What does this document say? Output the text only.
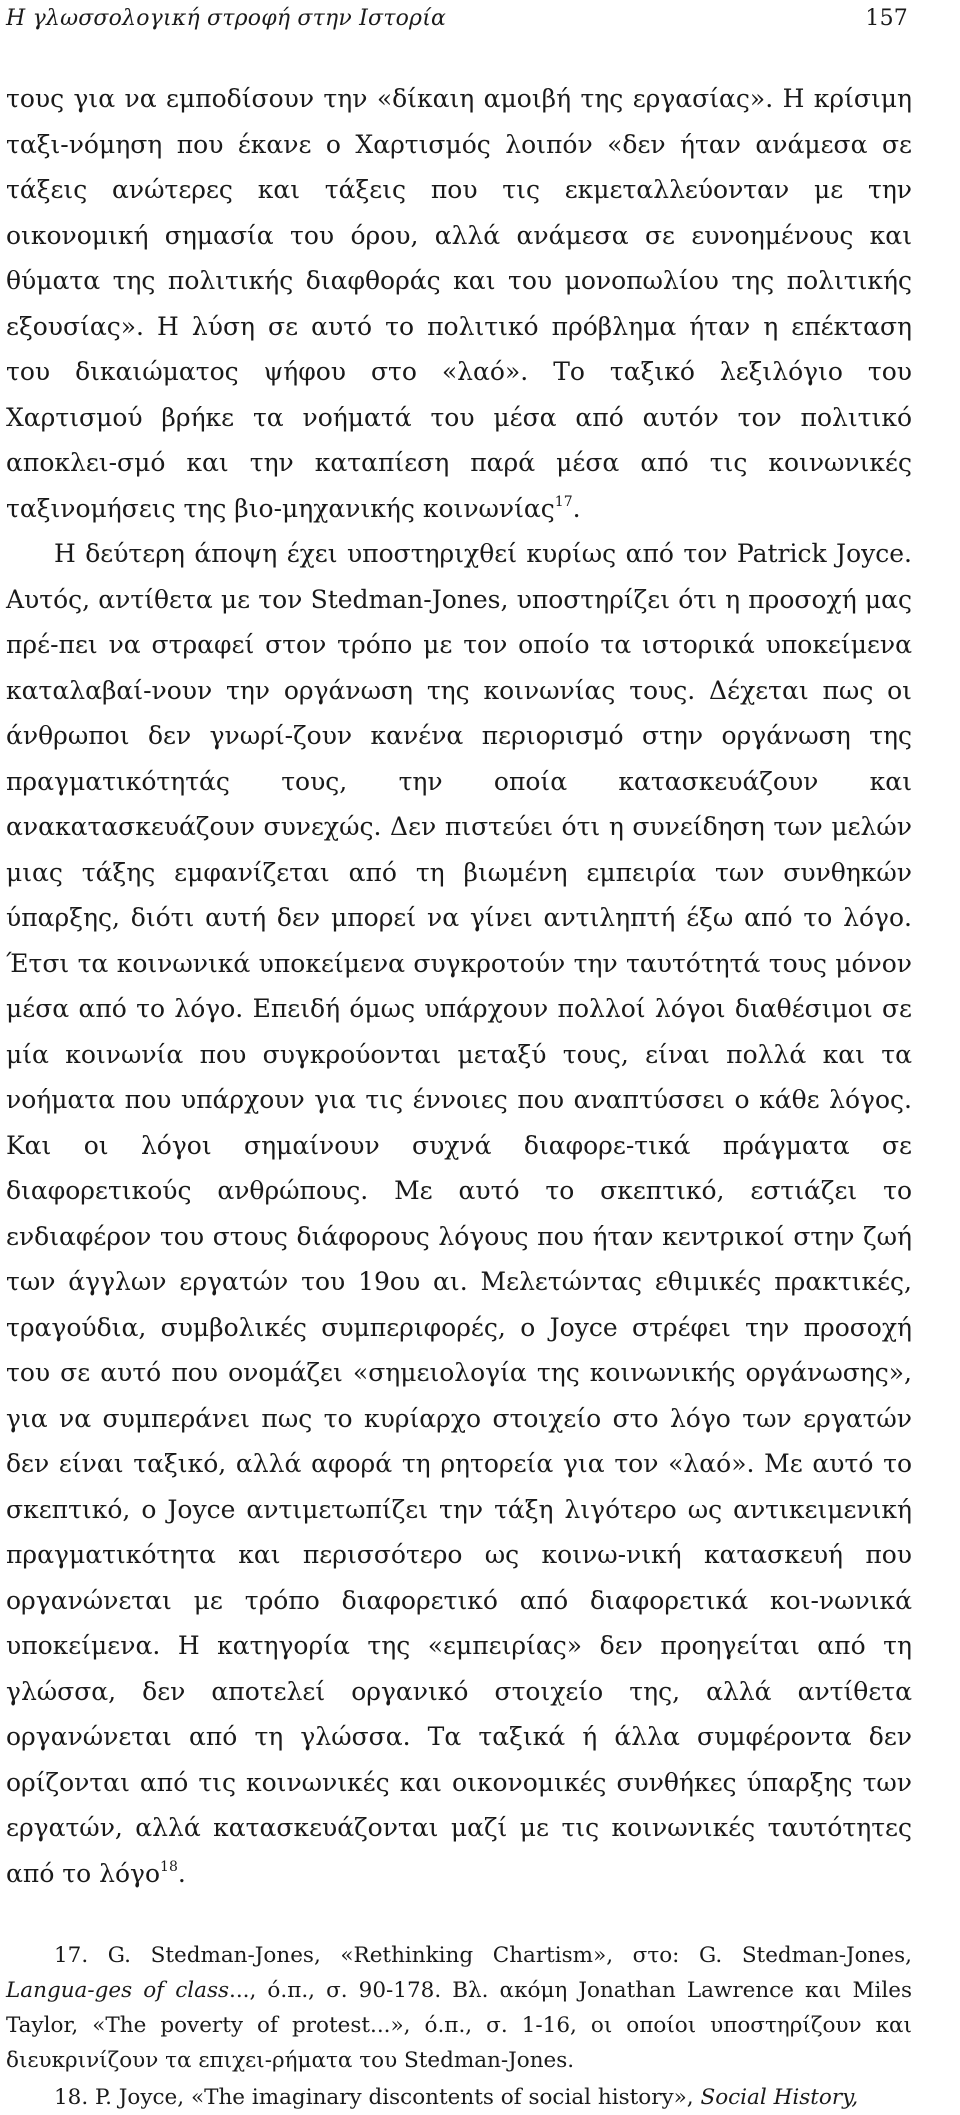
Η γλωσσολογική στροφή στην Ιστορία	157

τους για να εμποδίσουν την «δίκαιη αμοιβή της εργασίας». Η κρίσιμη ταξι-νόμηση που έκανε ο Χαρτισμός λοιπόν «δεν ήταν ανάμεσα σε τάξεις ανώτερες και τάξεις που τις εκμεταλλεύονταν με την οικονομική σημασία του όρου, αλλά ανάμεσα σε ευνοημένους και θύματα της πολιτικής διαφθοράς και του μονοπωλίου της πολιτικής εξουσίας». Η λύση σε αυτό το πολιτικό πρόβλημα ήταν η επέκταση του δικαιώματος ψήφου στο «λαό». Το ταξικό λεξιλόγιο του Χαρτισμού βρήκε τα νοήματά του μέσα από αυτόν τον πολιτικό αποκλει-σμό και την καταπίεση παρά μέσα από τις κοινωνικές ταξινομήσεις της βιο-μηχανικής κοινωνίας$^{17}$.

Η δεύτερη άποψη έχει υποστηριχθεί κυρίως από τον Patrick Joyce. Αυτός, αντίθετα με τον Stedman-Jones, υποστηρίζει ότι η προσοχή μας πρέ-πει να στραφεί στον τρόπο με τον οποίο τα ιστορικά υποκείμενα καταλαβαί-νουν την οργάνωση της κοινωνίας τους. Δέχεται πως οι άνθρωποι δεν γνωρί-ζουν κανένα περιορισμό στην οργάνωση της πραγματικότητάς τους, την οποία κατασκευάζουν και ανακατασκευάζουν συνεχώς. Δεν πιστεύει ότι η συνείδηση των μελών μιας τάξης εμφανίζεται από τη βιωμένη εμπειρία των συνθηκών ύπαρξης, διότι αυτή δεν μπορεί να γίνει αντιληπτή έξω από το λόγο. Έτσι τα κοινωνικά υποκείμενα συγκροτούν την ταυτότητά τους μόνον μέσα από το λόγο. Επειδή όμως υπάρχουν πολλοί λόγοι διαθέσιμοι σε μία κοινωνία που συγκρούονται μεταξύ τους, είναι πολλά και τα νοήματα που υπάρχουν για τις έννοιες που αναπτύσσει ο κάθε λόγος. Και οι λόγοι σημαίνουν συχνά διαφορε-τικά πράγματα σε διαφορετικούς ανθρώπους. Με αυτό το σκεπτικό, εστιάζει το ενδιαφέρον του στους διάφορους λόγους που ήταν κεντρικοί στην ζωή των άγγλων εργατών του 19ου αι. Μελετώντας εθιμικές πρακτικές, τραγούδια, συμβολικές συμπεριφορές, ο Joyce στρέφει την προσοχή του σε αυτό που ονομάζει «σημειολογία της κοινωνικής οργάνωσης», για να συμπεράνει πως το κυρίαρχο στοιχείο στο λόγο των εργατών δεν είναι ταξικό, αλλά αφορά τη ρητορεία για τον «λαό». Με αυτό το σκεπτικό, ο Joyce αντιμετωπίζει την τάξη λιγότερο ως αντικειμενική πραγματικότητα και περισσότερο ως κοινω-νική κατασκευή που οργανώνεται με τρόπο διαφορετικό από διαφορετικά κοι-νωνικά υποκείμενα. Η κατηγορία της «εμπειρίας» δεν προηγείται από τη γλώσσα, δεν αποτελεί οργανικό στοιχείο της, αλλά αντίθετα οργανώνεται από τη γλώσσα. Τα ταξικά ή άλλα συμφέροντα δεν ορίζονται από τις κοινωνικές και οικονομικές συνθήκες ύπαρξης των εργατών, αλλά κατασκευάζονται μαζί με τις κοινωνικές ταυτότητες από το λόγο$^{18}$.

17. G. Stedman-Jones, «Rethinking Chartism», στο: G. Stedman-Jones, Langua-ges of class..., ό.π., σ. 90-178. Βλ. ακόμη Jonathan Lawrence και Miles Taylor, «The poverty of protest...», ό.π., σ. 1-16, οι οποίοι υποστηρίζουν και διευκρινίζουν τα επιχει-ρήματα του Stedman-Jones.

18. P. Joyce, «The imaginary discontents of social history», Social History,
